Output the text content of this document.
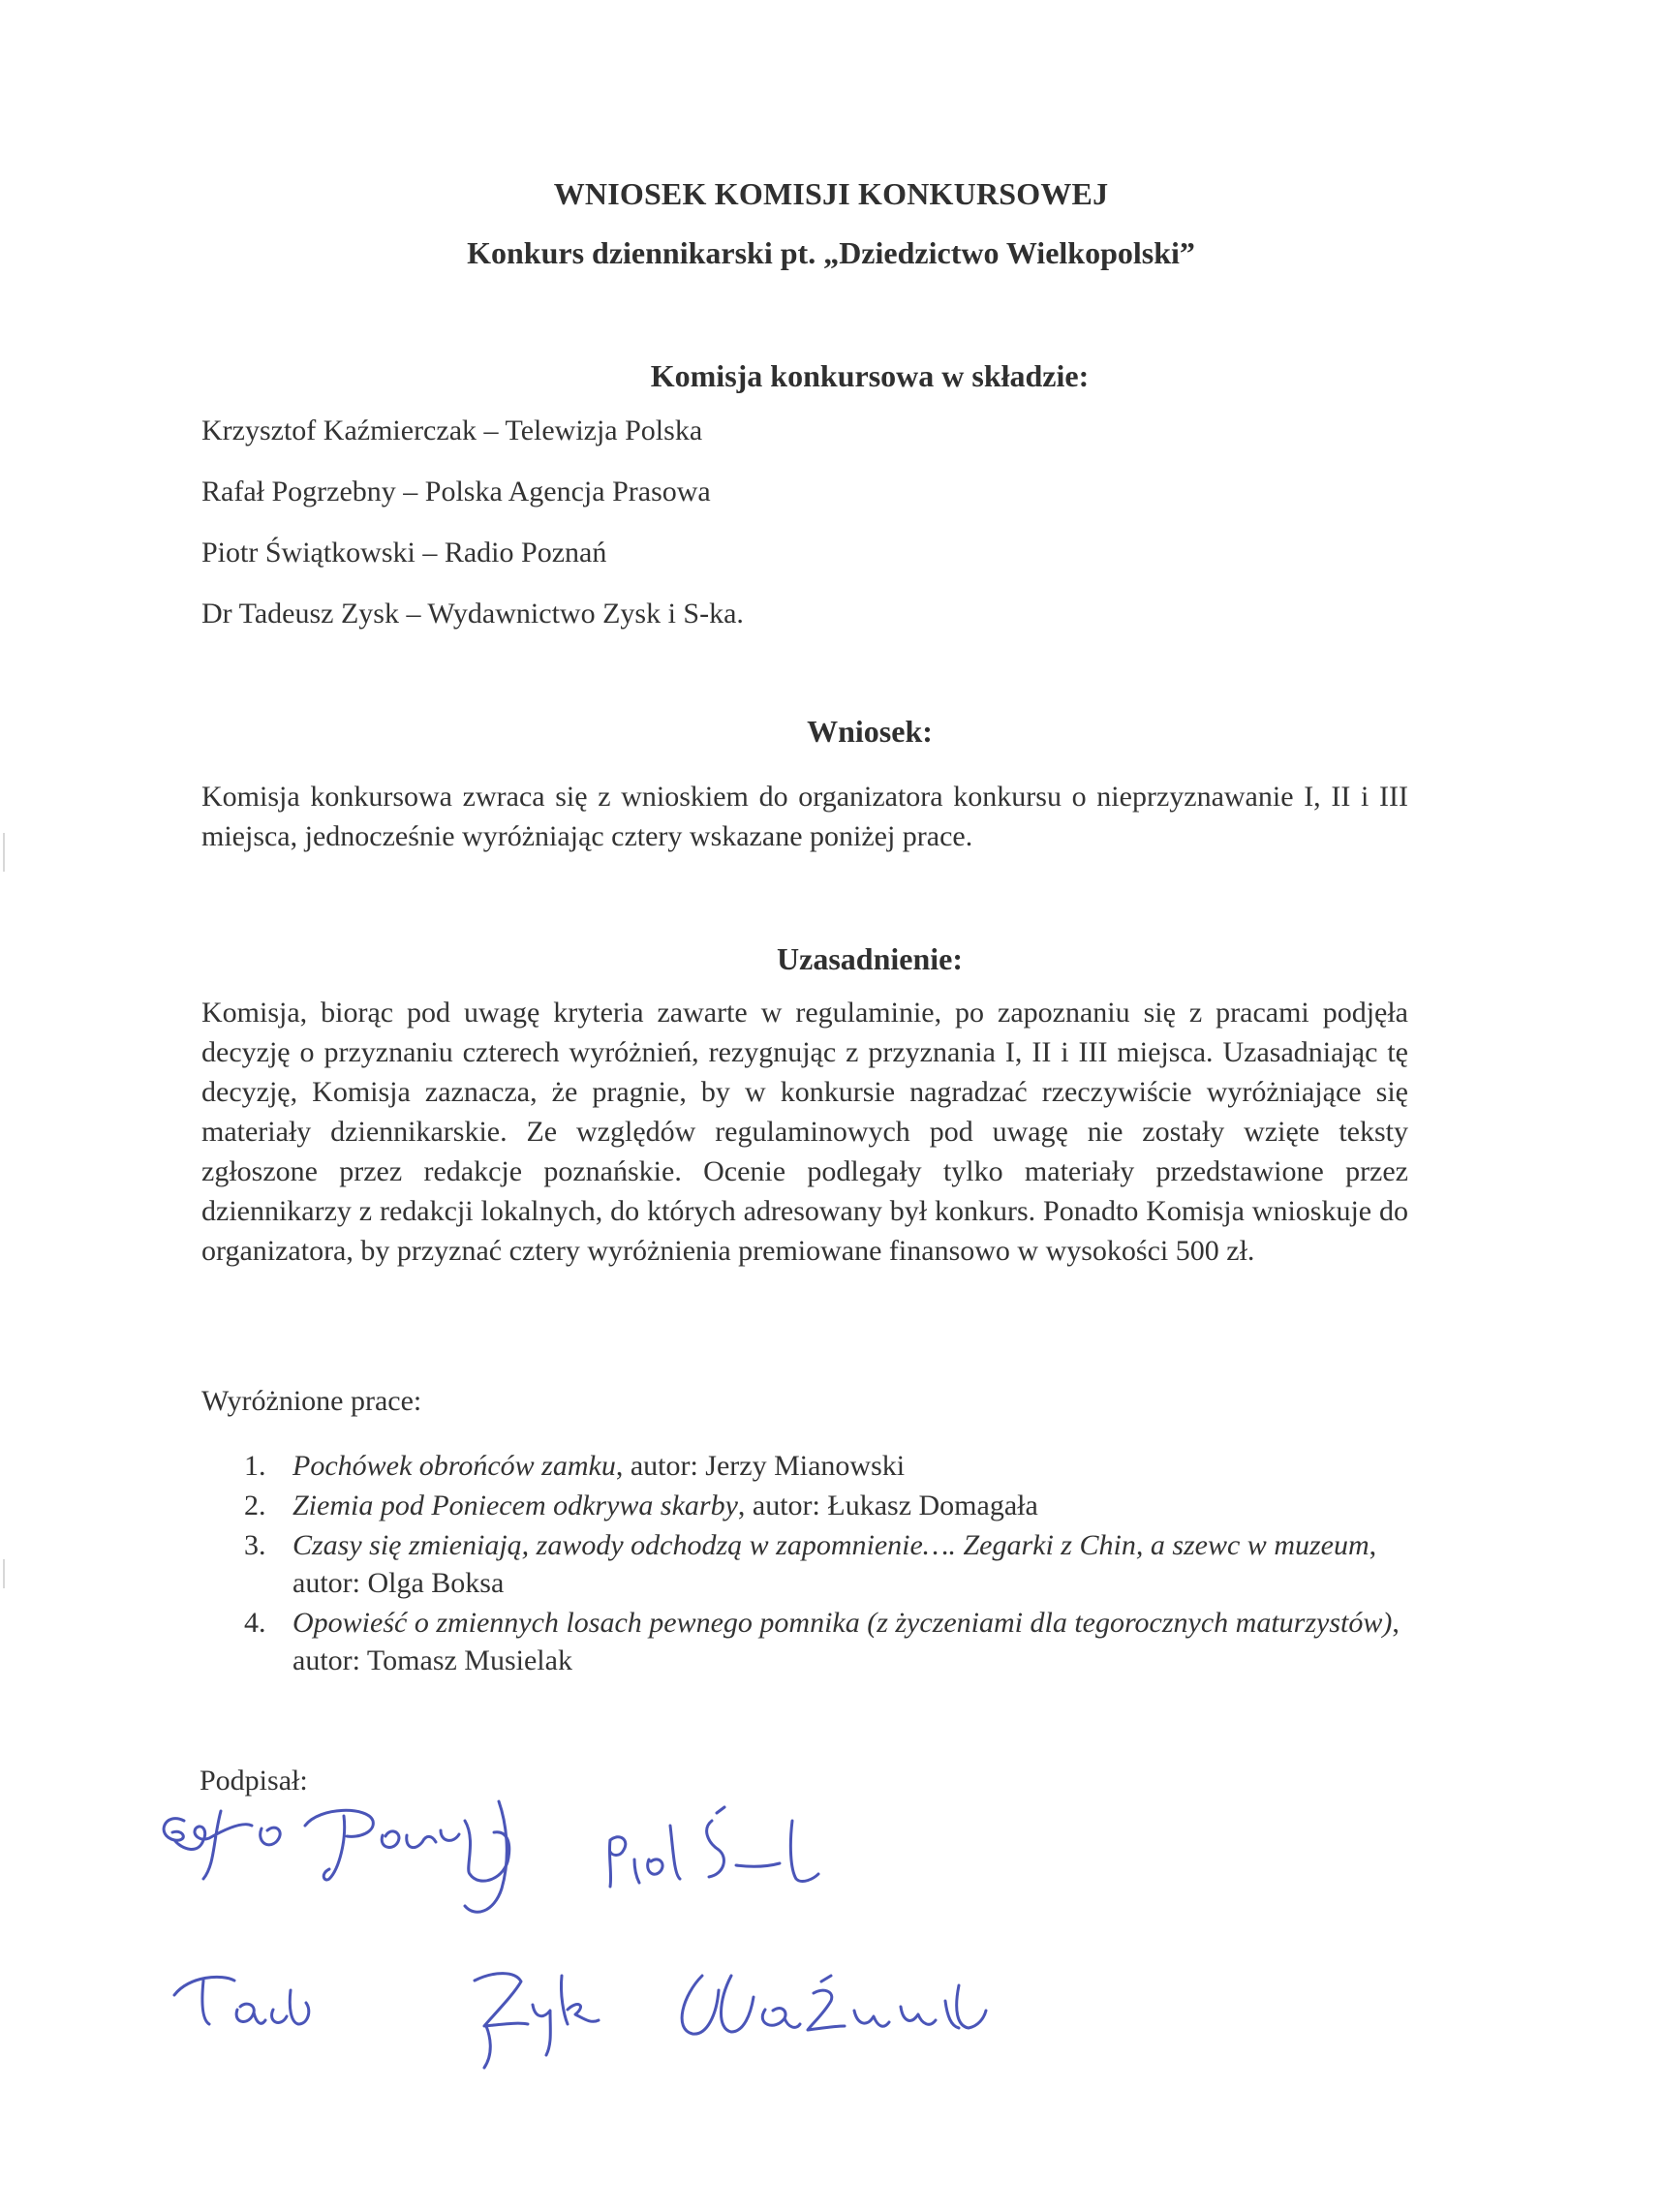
WNIOSEK KOMISJI KONKURSOWEJ
Konkurs dziennikarski pt. „Dziedzictwo Wielkopolski”
Komisja konkursowa w składzie:
Krzysztof Kaźmierczak – Telewizja Polska
Rafał Pogrzebny – Polska Agencja Prasowa
Piotr Świątkowski – Radio Poznań
Dr Tadeusz Zysk – Wydawnictwo Zysk i S-ka.
Wniosek:
Komisja konkursowa zwraca się z wnioskiem do organizatora konkursu o nieprzyznawanie I, II i III miejsca, jednocześnie wyróżniając cztery wskazane poniżej prace.
Uzasadnienie:
Komisja, biorąc pod uwagę kryteria zawarte w regulaminie, po zapoznaniu się z pracami podjęła decyzję o przyznaniu czterech wyróżnień, rezygnując z przyznania I, II i III miejsca. Uzasadniając tę decyzję, Komisja zaznacza, że pragnie, by w konkursie nagradzać rzeczywiście wyróżniające się materiały dziennikarskie. Ze względów regulaminowych pod uwagę nie zostały wzięte teksty zgłoszone przez redakcje poznańskie. Ocenie podlegały tylko materiały przedstawione przez dziennikarzy z redakcji lokalnych, do których adresowany był konkurs. Ponadto Komisja wnioskuje do organizatora, by przyznać cztery wyróżnienia premiowane finansowo w wysokości 500 zł.
Wyróżnione prace:
1. Pochówek obrońców zamku, autor: Jerzy Mianowski
2. Ziemia pod Poniecem odkrywa skarby, autor: Łukasz Domagała
3. Czasy się zmieniają, zawody odchodzą w zapomnienie…. Zegarki z Chin, a szewc w muzeum, autor: Olga Boksa
4. Opowieść o zmiennych losach pewnego pomnika (z życzeniami dla tegorocznych maturzystów), autor: Tomasz Musielak
Podpisał:
